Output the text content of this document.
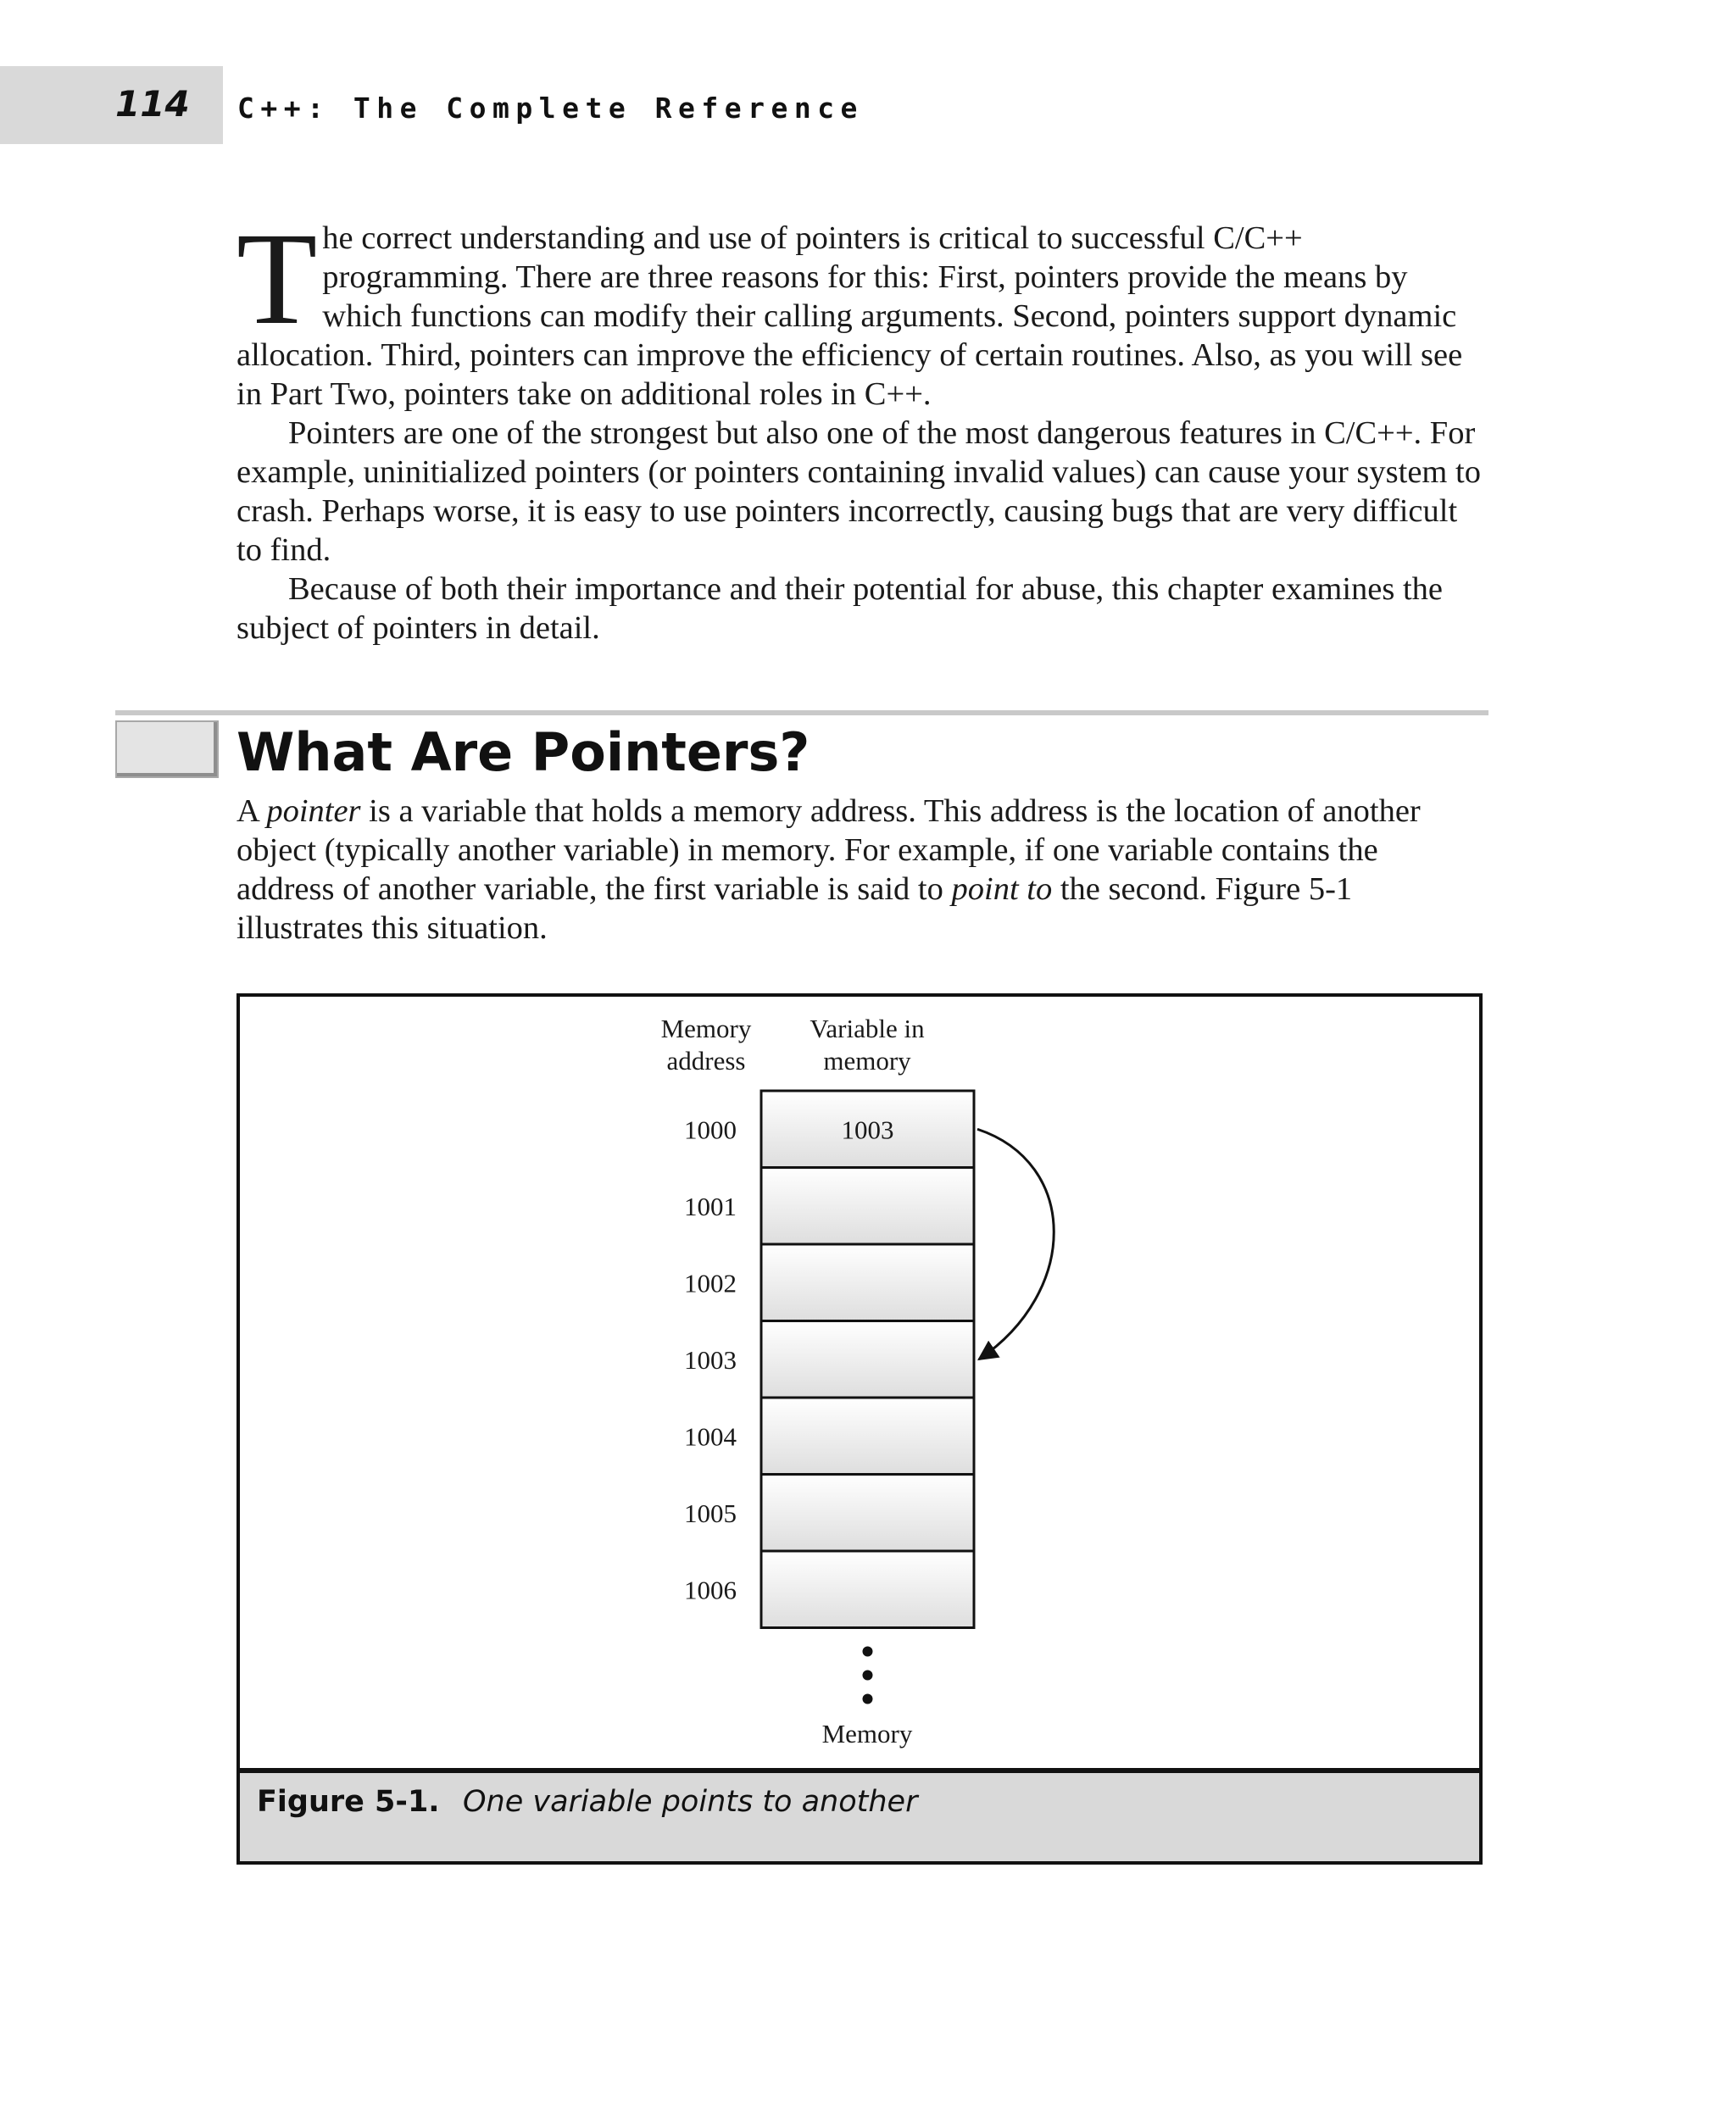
114 C++: The Complete Reference

The correct understanding and use of pointers is critical to successful C/C++ programming. There are three reasons for this: First, pointers provide the means by which functions can modify their calling arguments. Second, pointers support dynamic allocation. Third, pointers can improve the efficiency of certain routines. Also, as you will see in Part Two, pointers take on additional roles in C++.

Pointers are one of the strongest but also one of the most dangerous features in C/C++. For example, uninitialized pointers (or pointers containing invalid values) can cause your system to crash. Perhaps worse, it is easy to use pointers incorrectly, causing bugs that are very difficult to find.

Because of both their importance and their potential for abuse, this chapter examines the subject of pointers in detail.

What Are Pointers?

A pointer is a variable that holds a memory address. This address is the location of another object (typically another variable) in memory. For example, if one variable contains the address of another variable, the first variable is said to point to the second. Figure 5-1 illustrates this situation.

Memory
address
Variable in
memory
1000	1003
1001
1002
1003
1004
1005
1006
Memory
Figure 5-1. One variable points to another
